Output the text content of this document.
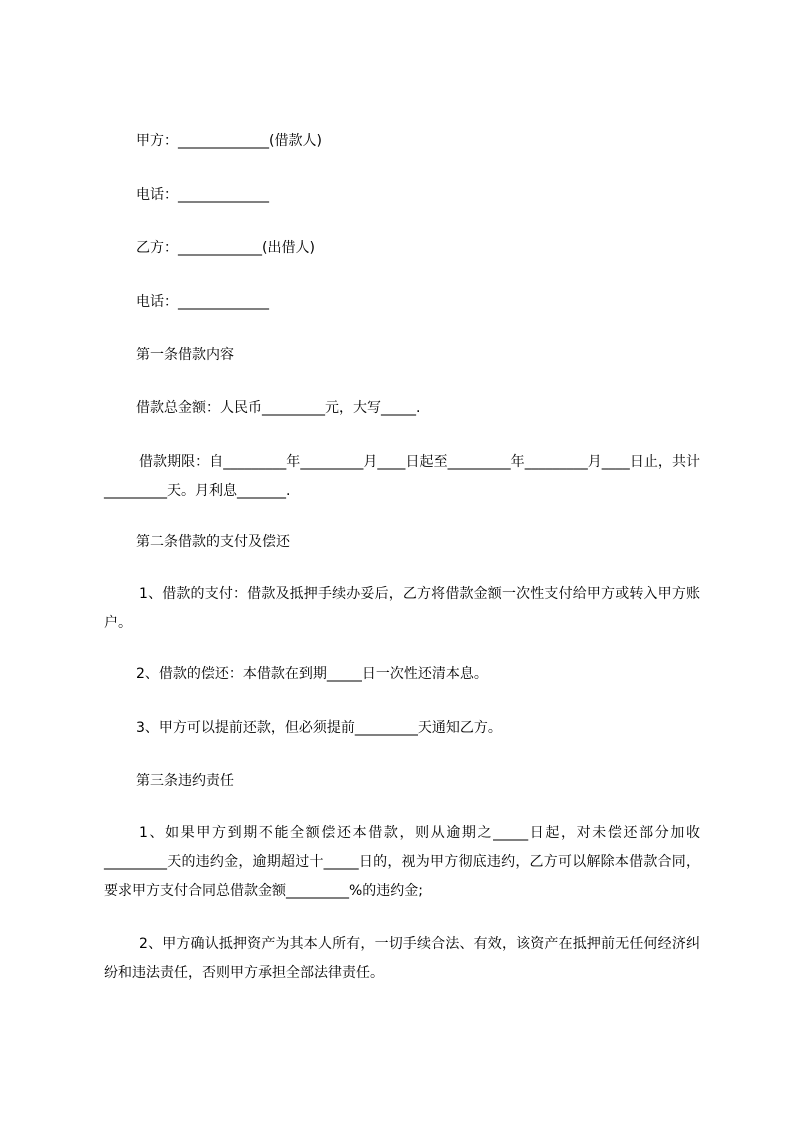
甲方：_____________(借款人)

电话：_____________

乙方：____________(出借人)

电话：_____________

第一条借款内容

借款总金额：人民币_________元，大写_____.

借款期限：自_________年_________月____日起至_________年_________月____日止，共计_________天。月利息_______.

第二条借款的支付及偿还

1、借款的支付：借款及抵押手续办妥后，乙方将借款金额一次性支付给甲方或转入甲方账户。

2、借款的偿还：本借款在到期_____日一次性还清本息。

3、甲方可以提前还款，但必须提前_________天通知乙方。

第三条违约责任

1、如果甲方到期不能全额偿还本借款，则从逾期之_____日起，对未偿还部分加收_________天的违约金，逾期超过十_____日的，视为甲方彻底违约，乙方可以解除本借款合同，要求甲方支付合同总借款金额_________%的违约金;

2、甲方确认抵押资产为其本人所有，一切手续合法、有效，该资产在抵押前无任何经济纠纷和违法责任，否则甲方承担全部法律责任。
